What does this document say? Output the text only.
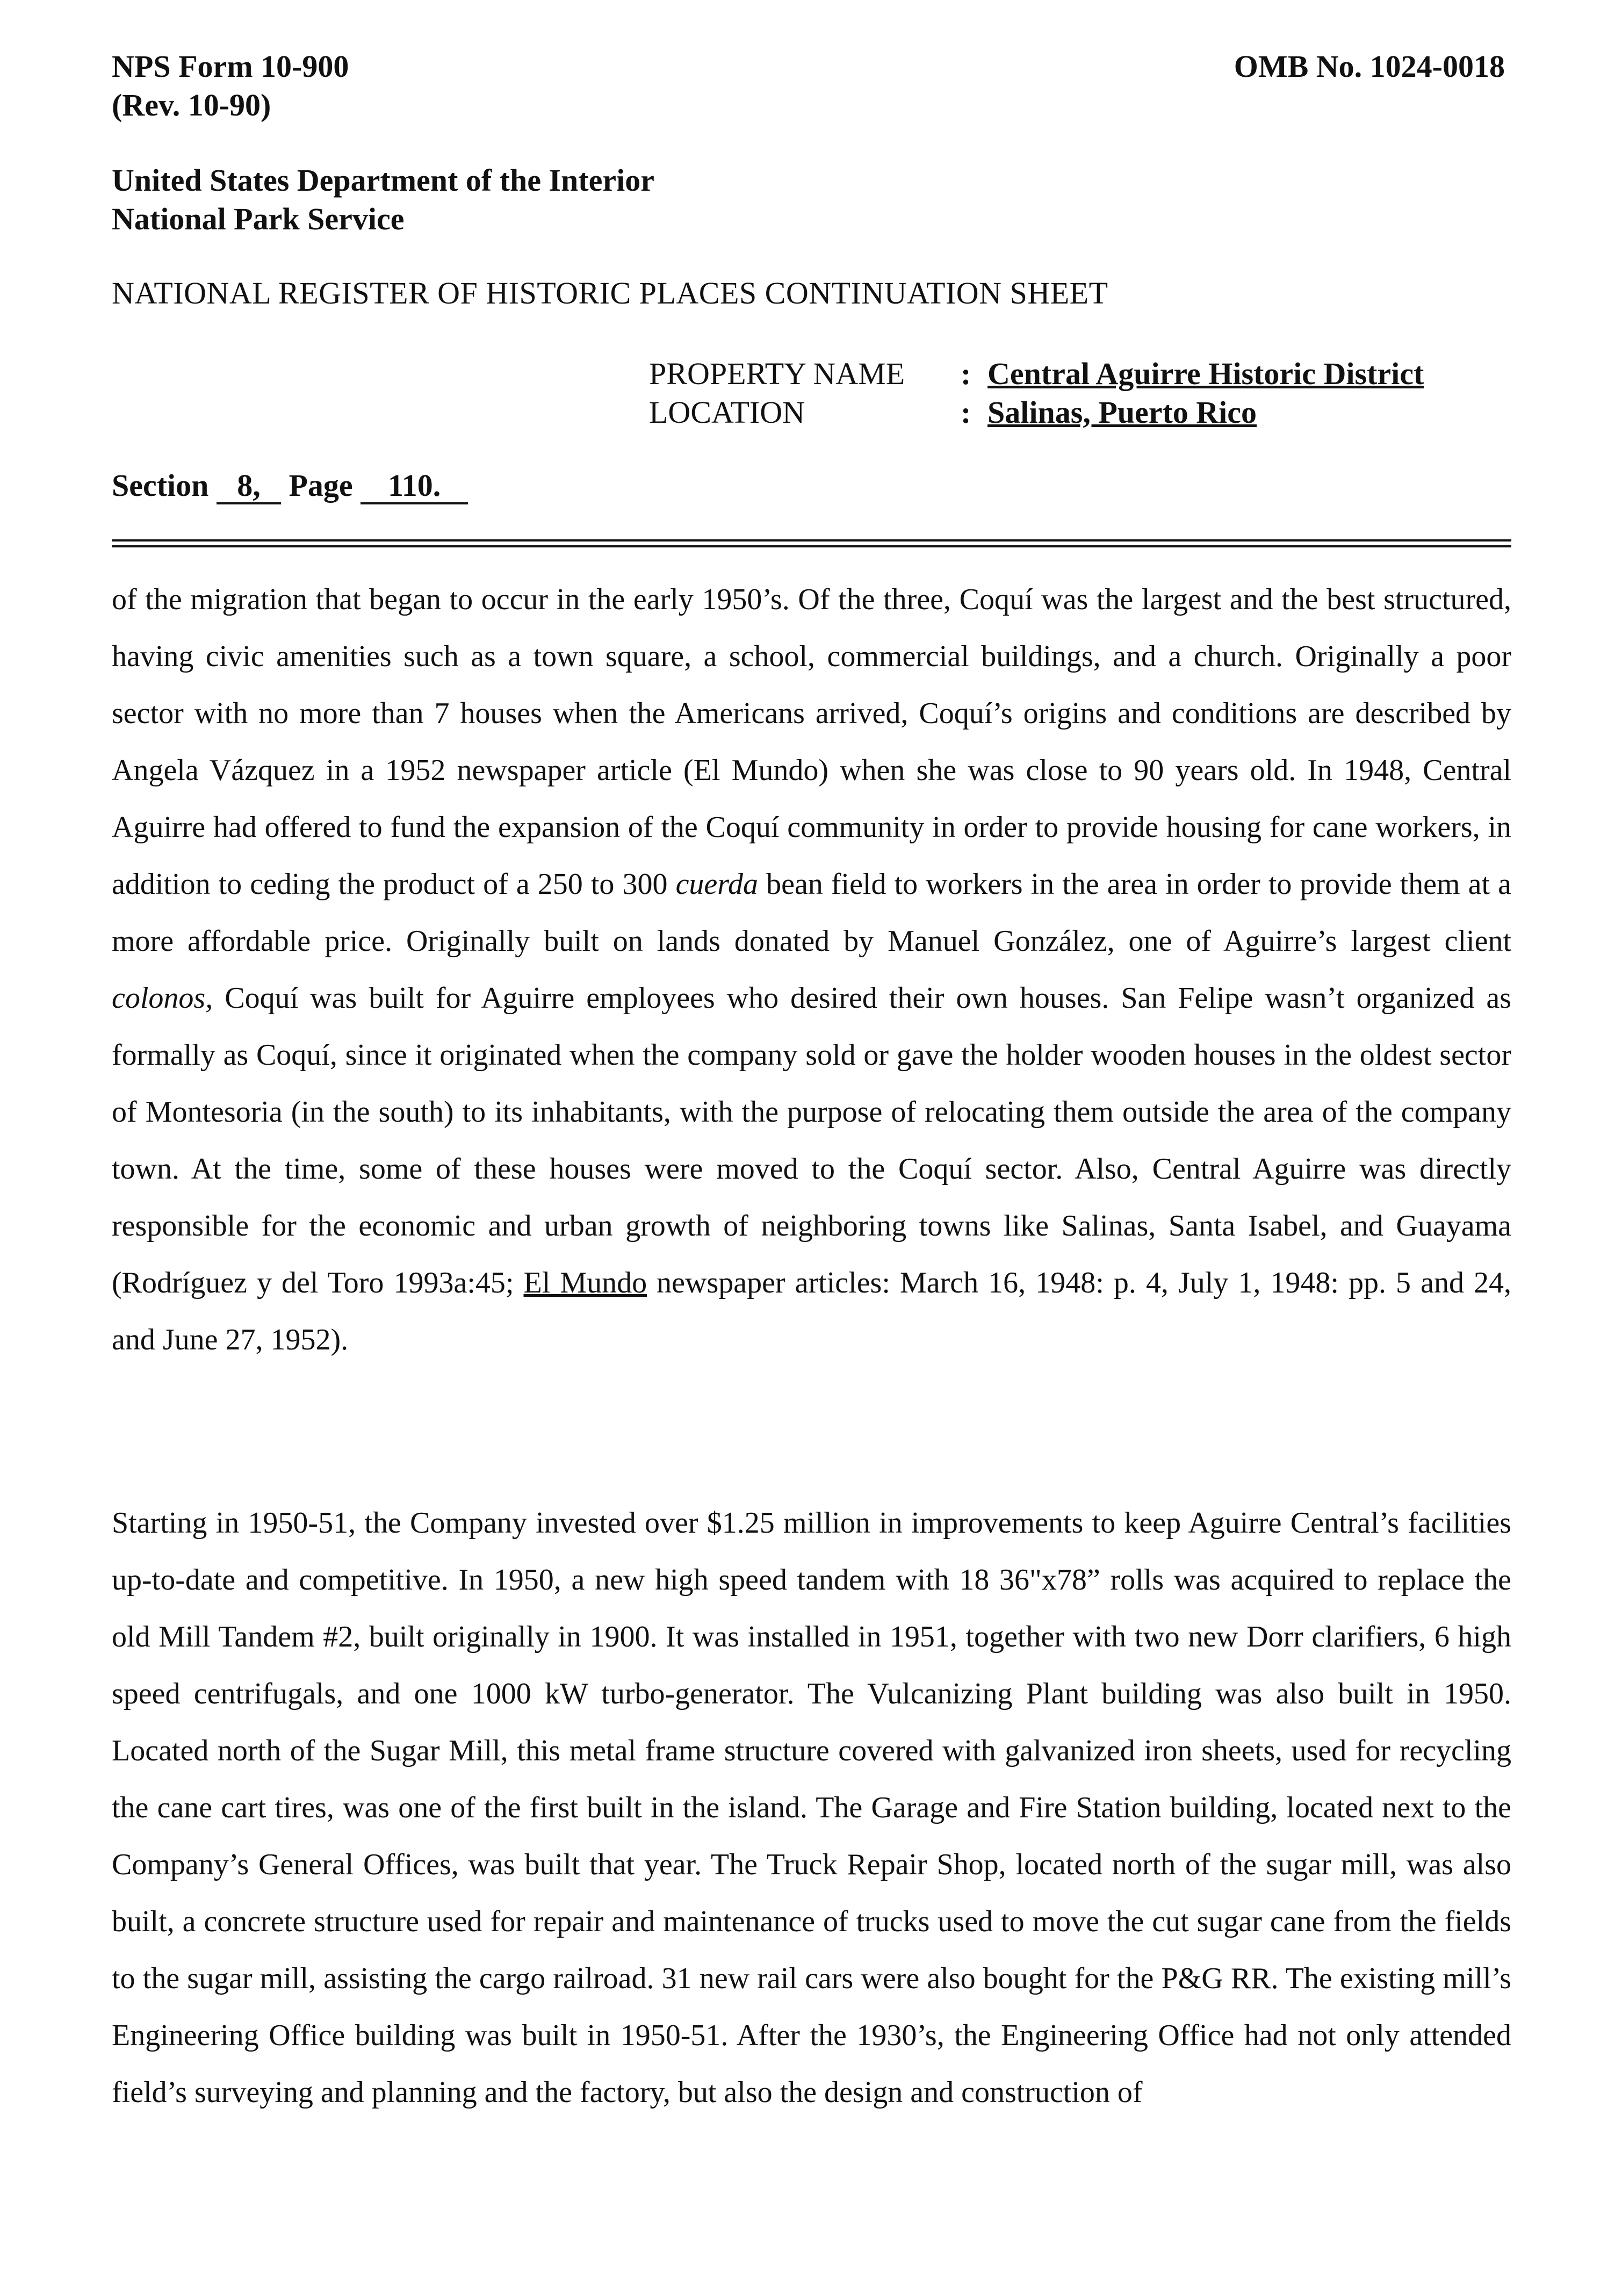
NPS Form 10-900
(Rev. 10-90)
OMB No. 1024-0018
United States Department of the Interior
National Park Service
NATIONAL REGISTER OF HISTORIC PLACES CONTINUATION SHEET
PROPERTY NAME	: Central Aguirre Historic District
LOCATION	: Salinas, Puerto Rico
Section 8, Page 110.

of the migration that began to occur in the early 1950’s. Of the three, Coquí was the largest and the best structured, having civic amenities such as a town square, a school, commercial buildings, and a church. Originally a poor sector with no more than 7 houses when the Americans arrived, Coquí’s origins and conditions are described by Angela Vázquez in a 1952 newspaper article (El Mundo) when she was close to 90 years old. In 1948, Central Aguirre had offered to fund the expansion of the Coquí community in order to provide housing for cane workers, in addition to ceding the product of a 250 to 300 cuerda bean field to workers in the area in order to provide them at a more affordable price. Originally built on lands donated by Manuel González, one of Aguirre’s largest client colonos, Coquí was built for Aguirre employees who desired their own houses. San Felipe wasn’t organized as formally as Coquí, since it originated when the company sold or gave the holder wooden houses in the oldest sector of Montesoria (in the south) to its inhabitants, with the purpose of relocating them outside the area of the company town. At the time, some of these houses were moved to the Coquí sector. Also, Central Aguirre was directly responsible for the economic and urban growth of neighboring towns like Salinas, Santa Isabel, and Guayama (Rodríguez y del Toro 1993a:45; El Mundo newspaper articles: March 16, 1948: p. 4, July 1, 1948: pp. 5 and 24, and June 27, 1952).

Starting in 1950-51, the Company invested over $1.25 million in improvements to keep Aguirre Central’s facilities up-to-date and competitive. In 1950, a new high speed tandem with 18 36"x78” rolls was acquired to replace the old Mill Tandem #2, built originally in 1900. It was installed in 1951, together with two new Dorr clarifiers, 6 high speed centrifugals, and one 1000 kW turbo-generator. The Vulcanizing Plant building was also built in 1950. Located north of the Sugar Mill, this metal frame structure covered with galvanized iron sheets, used for recycling the cane cart tires, was one of the first built in the island. The Garage and Fire Station building, located next to the Company’s General Offices, was built that year. The Truck Repair Shop, located north of the sugar mill, was also built, a concrete structure used for repair and maintenance of trucks used to move the cut sugar cane from the fields to the sugar mill, assisting the cargo railroad. 31 new rail cars were also bought for the P&G RR. The existing mill’s Engineering Office building was built in 1950-51. After the 1930’s, the Engineering Office had not only attended field’s surveying and planning and the factory, but also the design and construction of
